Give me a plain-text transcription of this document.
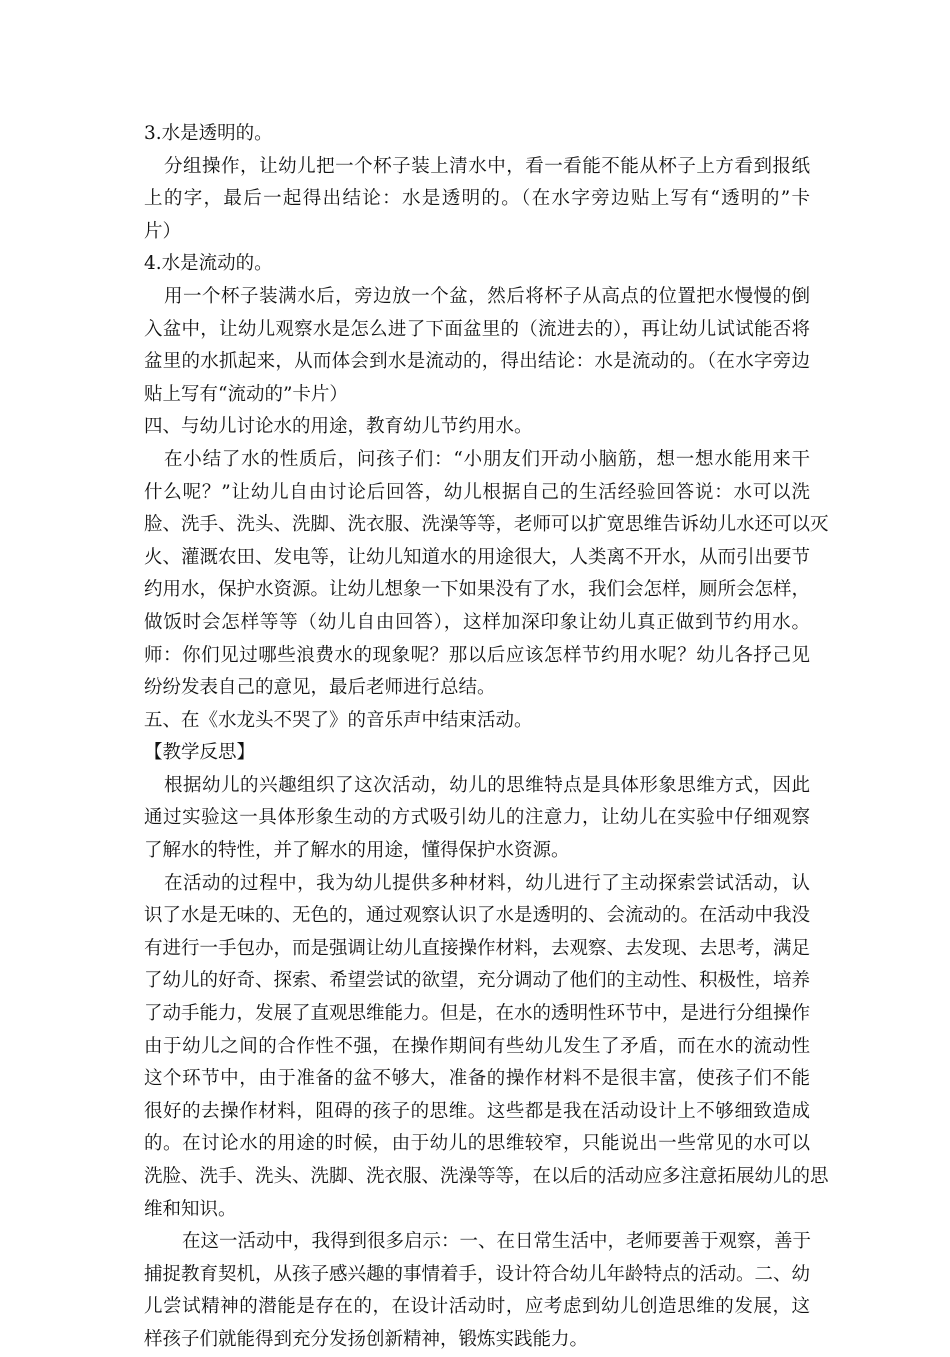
3.水是透明的。
分组操作，让幼儿把一个杯子装上清水中，看一看能不能从杯子上方看到报纸
上的字，最后一起得出结论：水是透明的。（在水字旁边贴上写有“透明的”卡
片）
4.水是流动的。
用一个杯子装满水后，旁边放一个盆，然后将杯子从高点的位置把水慢慢的倒
入盆中，让幼儿观察水是怎么进了下面盆里的（流进去的），再让幼儿试试能否将
盆里的水抓起来，从而体会到水是流动的，得出结论：水是流动的。（在水字旁边
贴上写有“流动的”卡片）
四、与幼儿讨论水的用途，教育幼儿节约用水。
在小结了水的性质后，问孩子们：“小朋友们开动小脑筋，想一想水能用来干
什么呢？”让幼儿自由讨论后回答，幼儿根据自己的生活经验回答说：水可以洗
脸、洗手、洗头、洗脚、洗衣服、洗澡等等，老师可以扩宽思维告诉幼儿水还可以灭
火、灌溉农田、发电等，让幼儿知道水的用途很大，人类离不开水，从而引出要节
约用水，保护水资源。让幼儿想象一下如果没有了水，我们会怎样，厕所会怎样，
做饭时会怎样等等（幼儿自由回答），这样加深印象让幼儿真正做到节约用水。
师：你们见过哪些浪费水的现象呢？那以后应该怎样节约用水呢？幼儿各抒己见
纷纷发表自己的意见，最后老师进行总结。
五、在《水龙头不哭了》的音乐声中结束活动。
【教学反思】
根据幼儿的兴趣组织了这次活动，幼儿的思维特点是具体形象思维方式，因此
通过实验这一具体形象生动的方式吸引幼儿的注意力，让幼儿在实验中仔细观察
了解水的特性，并了解水的用途，懂得保护水资源。
在活动的过程中，我为幼儿提供多种材料，幼儿进行了主动探索尝试活动，认
识了水是无味的、无色的，通过观察认识了水是透明的、会流动的。在活动中我没
有进行一手包办，而是强调让幼儿直接操作材料，去观察、去发现、去思考，满足
了幼儿的好奇、探索、希望尝试的欲望，充分调动了他们的主动性、积极性，培养
了动手能力，发展了直观思维能力。但是，在水的透明性环节中，是进行分组操作
由于幼儿之间的合作性不强，在操作期间有些幼儿发生了矛盾，而在水的流动性
这个环节中，由于准备的盆不够大，准备的操作材料不是很丰富，使孩子们不能
很好的去操作材料，阻碍的孩子的思维。这些都是我在活动设计上不够细致造成
的。在讨论水的用途的时候，由于幼儿的思维较窄，只能说出一些常见的水可以
洗脸、洗手、洗头、洗脚、洗衣服、洗澡等等，在以后的活动应多注意拓展幼儿的思
维和知识。
在这一活动中，我得到很多启示：一、在日常生活中，老师要善于观察，善于
捕捉教育契机，从孩子感兴趣的事情着手，设计符合幼儿年龄特点的活动。二、幼
儿尝试精神的潜能是存在的，在设计活动时，应考虑到幼儿创造思维的发展，这
样孩子们就能得到充分发扬创新精神，锻炼实践能力。
